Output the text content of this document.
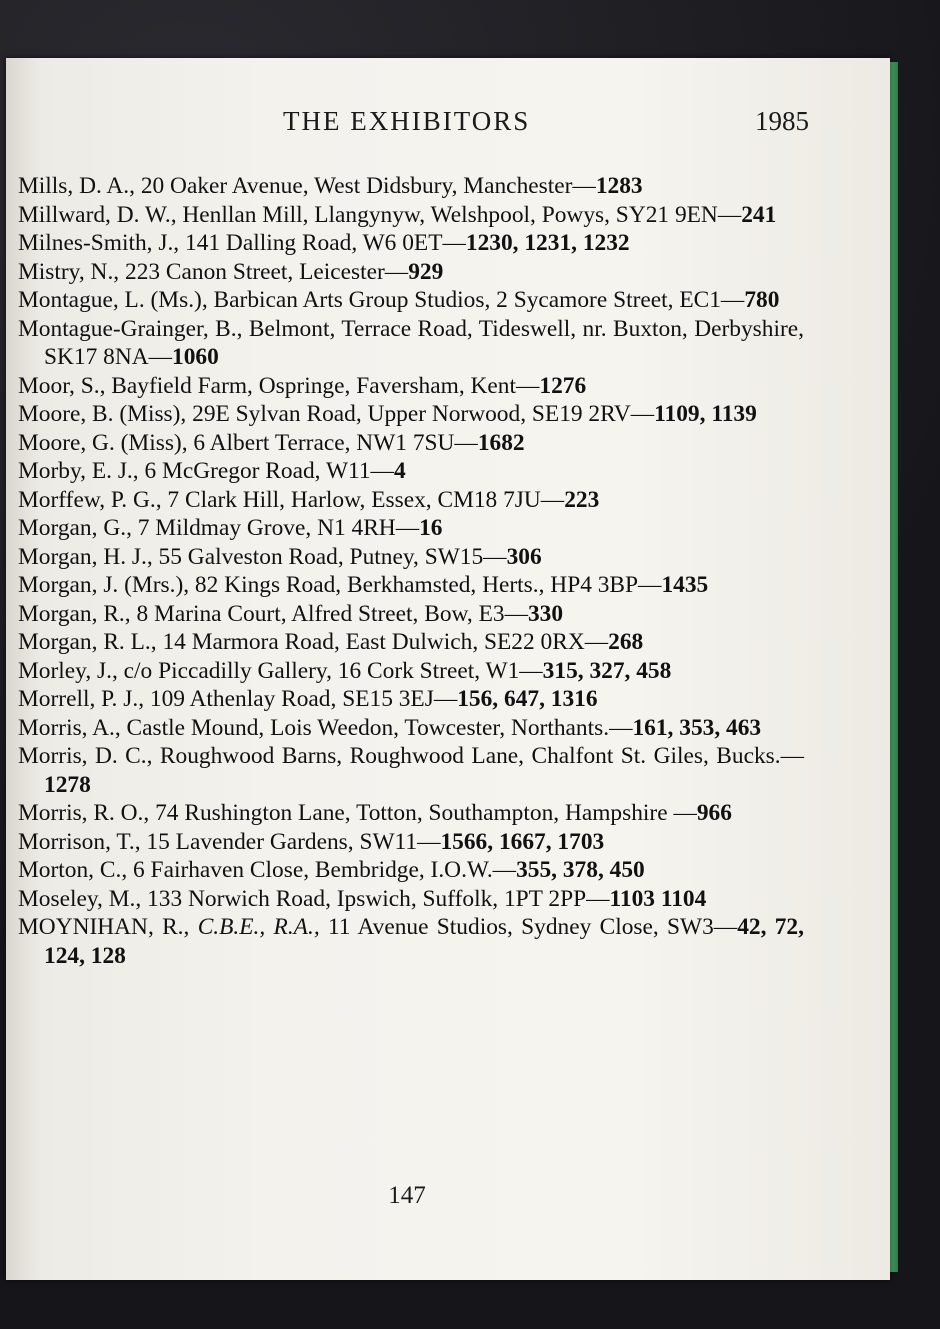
THE EXHIBITORS	1985

Mills, D. A., 20 Oaker Avenue, West Didsbury, Manchester—1283

Millward, D. W., Henllan Mill, Llangynyw, Welshpool, Powys, SY21 9EN—241

Milnes-Smith, J., 141 Dalling Road, W6 0ET—1230, 1231, 1232

Mistry, N., 223 Canon Street, Leicester—929

Montague, L. (Ms.), Barbican Arts Group Studios, 2 Sycamore Street, EC1—780

Montague-Grainger, B., Belmont, Terrace Road, Tideswell, nr. Buxton, Derbyshire, SK17 8NA—1060

Moor, S., Bayfield Farm, Ospringe, Faversham, Kent—1276

Moore, B. (Miss), 29E Sylvan Road, Upper Norwood, SE19 2RV—1109, 1139

Moore, G. (Miss), 6 Albert Terrace, NW1 7SU—1682

Morby, E. J., 6 McGregor Road, W11—4

Morffew, P. G., 7 Clark Hill, Harlow, Essex, CM18 7JU—223

Morgan, G., 7 Mildmay Grove, N1 4RH—16

Morgan, H. J., 55 Galveston Road, Putney, SW15—306

Morgan, J. (Mrs.), 82 Kings Road, Berkhamsted, Herts., HP4 3BP—1435

Morgan, R., 8 Marina Court, Alfred Street, Bow, E3—330

Morgan, R. L., 14 Marmora Road, East Dulwich, SE22 0RX—268

Morley, J., c/o Piccadilly Gallery, 16 Cork Street, W1—315, 327, 458

Morrell, P. J., 109 Athenlay Road, SE15 3EJ—156, 647, 1316

Morris, A., Castle Mound, Lois Weedon, Towcester, Northants.—161, 353, 463

Morris, D. C., Roughwood Barns, Roughwood Lane, Chalfont St. Giles, Bucks.—1278

Morris, R. O., 74 Rushington Lane, Totton, Southampton, Hampshire —966

Morrison, T., 15 Lavender Gardens, SW11—1566, 1667, 1703

Morton, C., 6 Fairhaven Close, Bembridge, I.O.W.—355, 378, 450

Moseley, M., 133 Norwich Road, Ipswich, Suffolk, 1PT 2PP—1103 1104

MOYNIHAN, R., C.B.E., R.A., 11 Avenue Studios, Sydney Close, SW3—42, 72, 124, 128

147
